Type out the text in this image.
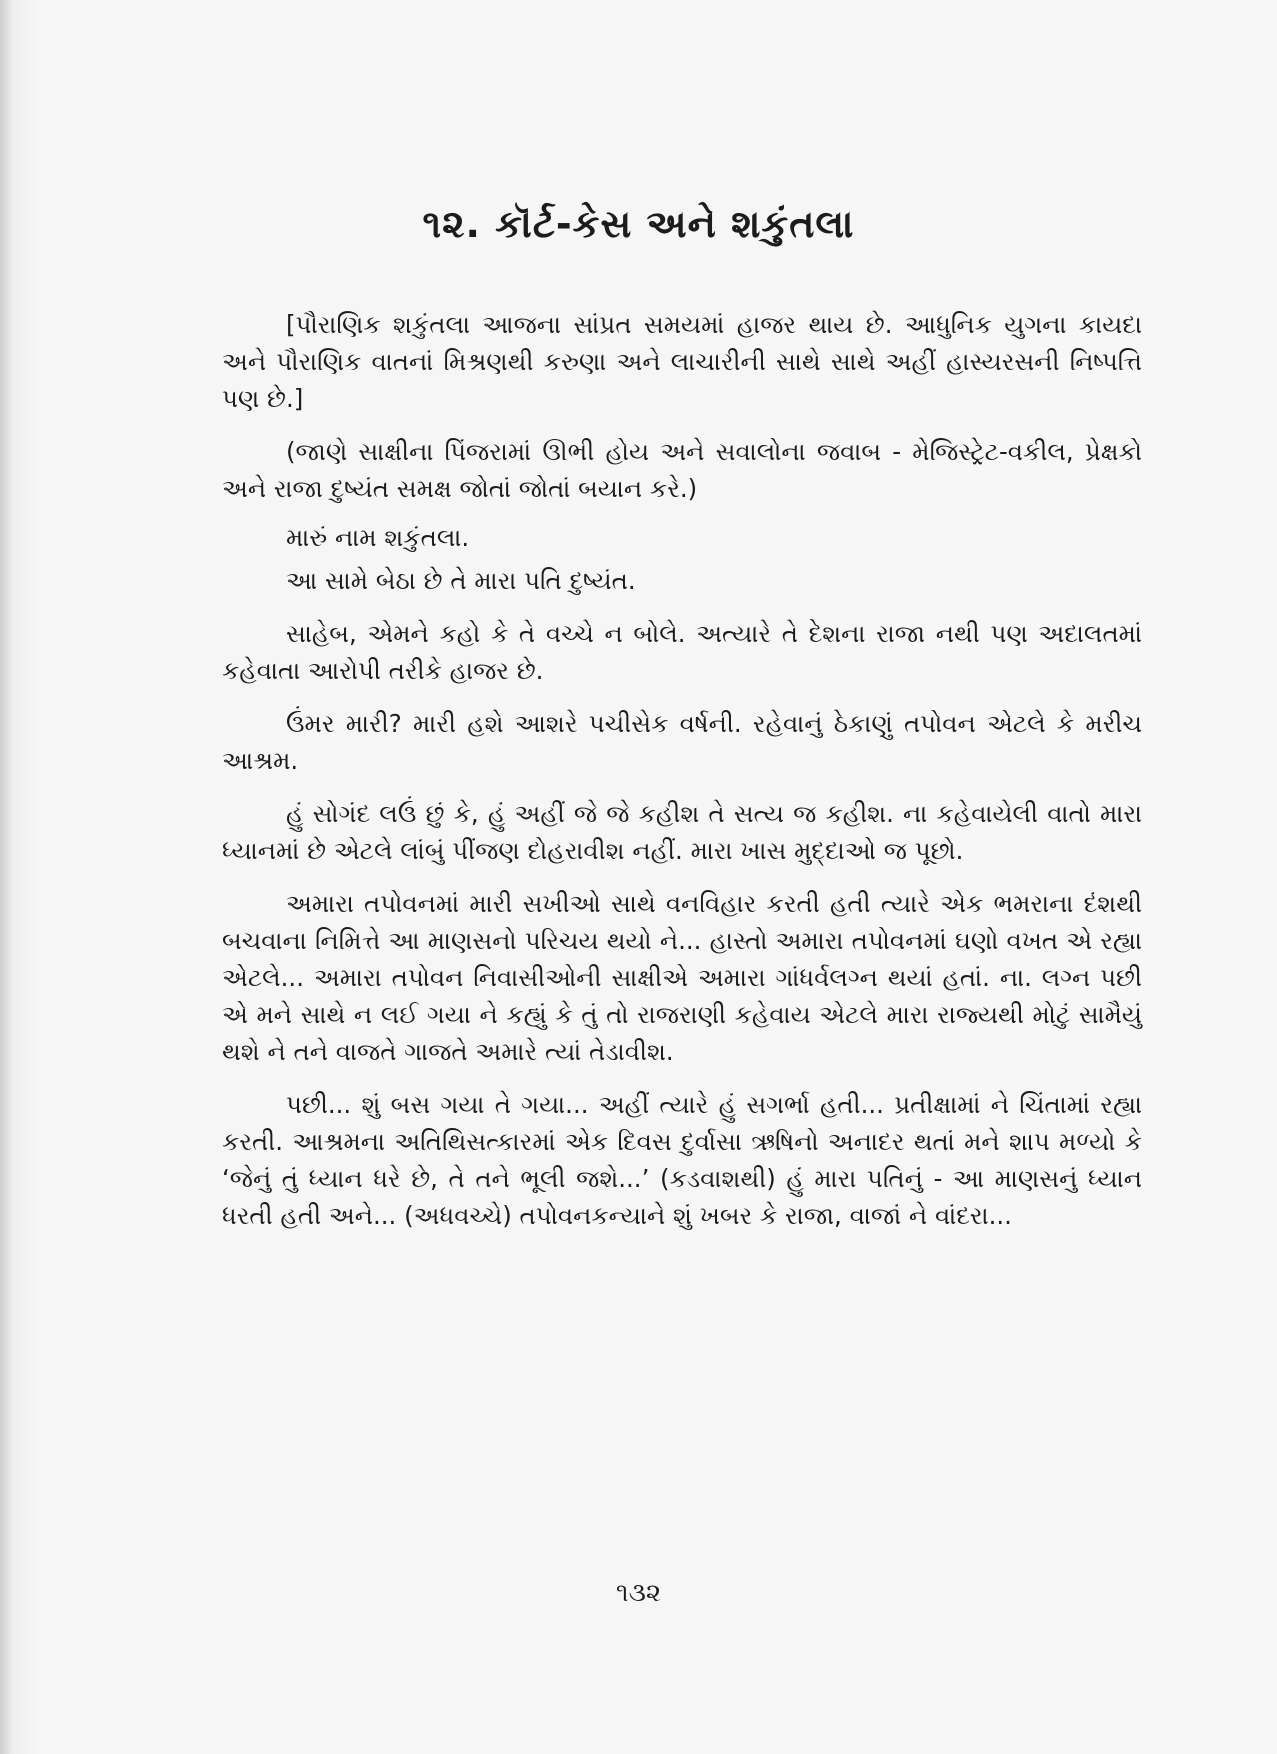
૧૨. કૉર્ટ-કેસ અને શકુંતલા

[પૌરાણિક શકુંતલા આજના સાંપ્રત સમયમાં હાજર થાય છે. આધુનિક યુગના કાયદા અને પૌરાણિક વાતનાં મિશ્રણથી કરુણા અને લાચારીની સાથે સાથે અહીં હાસ્યરસની નિષ્પત્તિ પણ છે.]

(જાણે સાક્ષીના પિંજરામાં ઊભી હોય અને સવાલોના જવાબ - મેજિસ્ટ્રેટ-વકીલ, પ્રેક્ષકો અને રાજા દુષ્યંત સમક્ષ જોતાં જોતાં બયાન કરે.)

મારું નામ શકુંતલા.

આ સામે બેઠા છે તે મારા પતિ દુષ્યંત.

સાહેબ, એમને કહો કે તે વચ્ચે ન બોલે. અત્યારે તે દેશના રાજા નથી પણ અદાલતમાં કહેવાતા આરોપી તરીકે હાજર છે.

ઉંમર મારી? મારી હશે આશરે પચીસેક વર્ષની. રહેવાનું ઠેકાણું તપોવન એટલે કે મરીચ આશ્રમ.

હું સોગંદ લઉં છું કે, હું અહીં જે જે કહીશ તે સત્ય જ કહીશ. ના કહેવાયેલી વાતો મારા ધ્યાનમાં છે એટલે લાંબું પીંજણ દોહરાવીશ નહીં. મારા ખાસ મુદ્દાઓ જ પૂછો.

અમારા તપોવનમાં મારી સખીઓ સાથે વનવિહાર કરતી હતી ત્યારે એક ભમરાના દંશથી બચવાના નિમિત્તે આ માણસનો પરિચય થયો ને... હાસ્તો અમારા તપોવનમાં ઘણો વખત એ રહ્યા એટલે... અમારા તપોવન નિવાસીઓની સાક્ષીએ અમારા ગાંધર્વલગ્ન થયાં હતાં. ના. લગ્ન પછી એ મને સાથે ન લઈ ગયા ને કહ્યું કે તું તો રાજરાણી કહેવાય એટલે મારા રાજ્યથી મોટું સામૈયું થશે ને તને વાજતે ગાજતે અમારે ત્યાં તેડાવીશ.

પછી... શું બસ ગયા તે ગયા... અહીં ત્યારે હું સગર્ભા હતી... પ્રતીક્ષામાં ને ચિંતામાં રહ્યા કરતી. આશ્રમના અતિથિસત્કારમાં એક દિવસ દુર્વાસા ઋષિનો અનાદર થતાં મને શાપ મળ્યો કે ‘જેનું તું ધ્યાન ધરે છે, તે તને ભૂલી જશે...’ (કડવાશથી) હું મારા પતિનું - આ માણસનું ધ્યાન ધરતી હતી અને... (અધવચ્ચે) તપોવનકન્યાને શું ખબર કે રાજા, વાજાં ને વાંદરા...

૧૩૨
